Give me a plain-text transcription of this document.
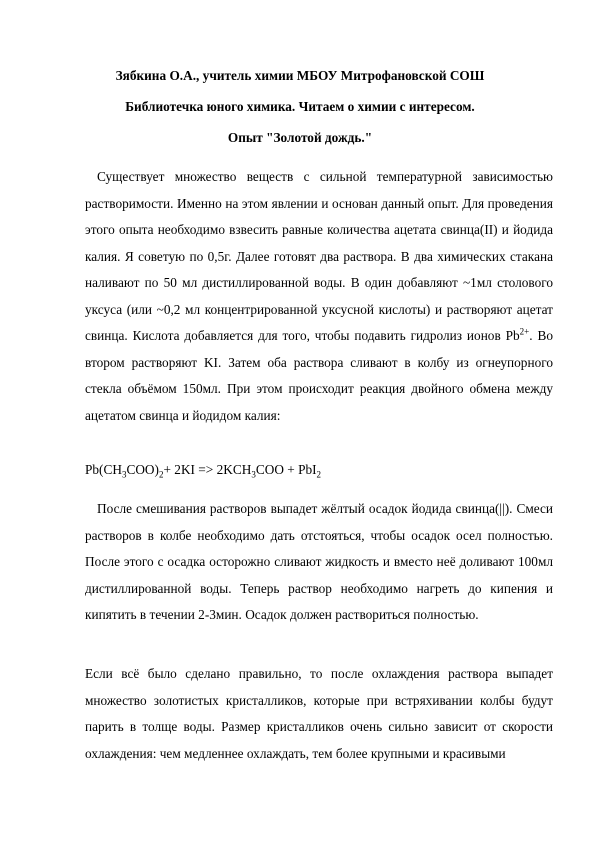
Зябкина О.А., учитель химии МБОУ Митрофановской СОШ
Библиотечка юного химика. Читаем о химии с интересом.
Опыт "Золотой дождь."

Существует множество веществ с сильной температурной зависимостью растворимости. Именно на этом явлении и основан данный опыт. Для проведения этого опыта необходимо взвесить равные количества ацетата свинца(II) и йодида калия. Я советую по 0,5г. Далее готовят два раствора. В два химических стакана наливают по 50 мл дистиллированной воды. В один добавляют ~1мл столового уксуса (или ~0,2 мл концентрированной уксусной кислоты) и растворяют ацетат свинца. Кислота добавляется для того, чтобы подавить гидролиз ионов $Pb^{2+}$. Во втором растворяют KI. Затем оба раствора сливают в колбу из огнеупорного стекла объёмом 150мл. При этом происходит реакция двойного обмена между ацетатом свинца и йодидом калия:

$Pb(CH_3COO)_2+ 2KI => 2KCH_3COO + PbI_2$

После смешивания растворов выпадет жёлтый осадок йодида свинца(||). Смеси растворов в колбе необходимо дать отстояться, чтобы осадок осел полностью. После этого с осадка осторожно сливают жидкость и вместо неё доливают 100мл дистиллированной воды. Теперь раствор необходимо нагреть до кипения и кипятить в течении 2-3мин. Осадок должен раствориться полностью.

Если всё было сделано правильно, то после охлаждения раствора выпадет множество золотистых кристалликов, которые при встряхивании колбы будут парить в толще воды. Размер кристалликов очень сильно зависит от скорости охлаждения: чем медленнее охлаждать, тем более крупными и красивыми
